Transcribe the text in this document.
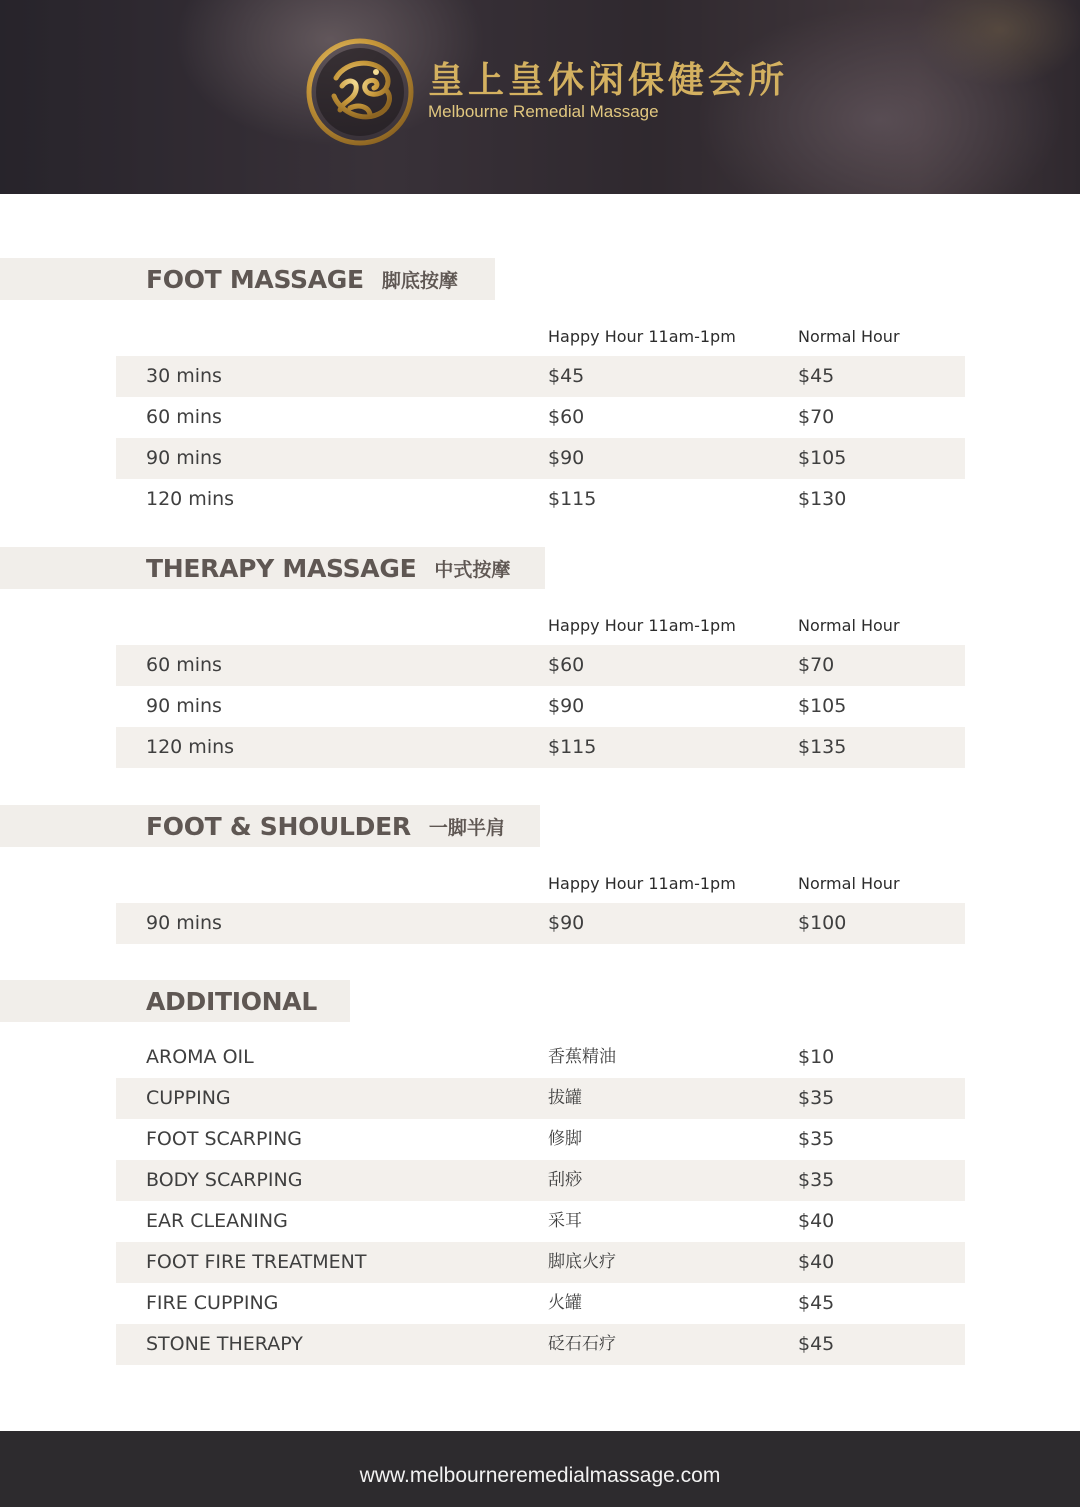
皇上皇休闲保健会所
Melbourne Remedial Massage
FOOT MASSAGE 脚底按摩
Happy Hour 11am-1pm	Normal Hour
30 mins	$45	$45
60 mins	$60	$70
90 mins	$90	$105
120 mins	$115	$130
THERAPY MASSAGE 中式按摩
Happy Hour 11am-1pm	Normal Hour
60 mins	$60	$70
90 mins	$90	$105
120 mins	$115	$135
FOOT & SHOULDER 一脚半肩
Happy Hour 11am-1pm	Normal Hour
90 mins	$90	$100
ADDITIONAL
AROMA OIL	香蕉精油	$10
CUPPING	拔罐	$35
FOOT SCARPING	修脚	$35
BODY SCARPING	刮痧	$35
EAR CLEANING	采耳	$40
FOOT FIRE TREATMENT	脚底火疗	$40
FIRE CUPPING	火罐	$45
STONE THERAPY	砭石石疗	$45
www.melbourneremedialmassage.com
